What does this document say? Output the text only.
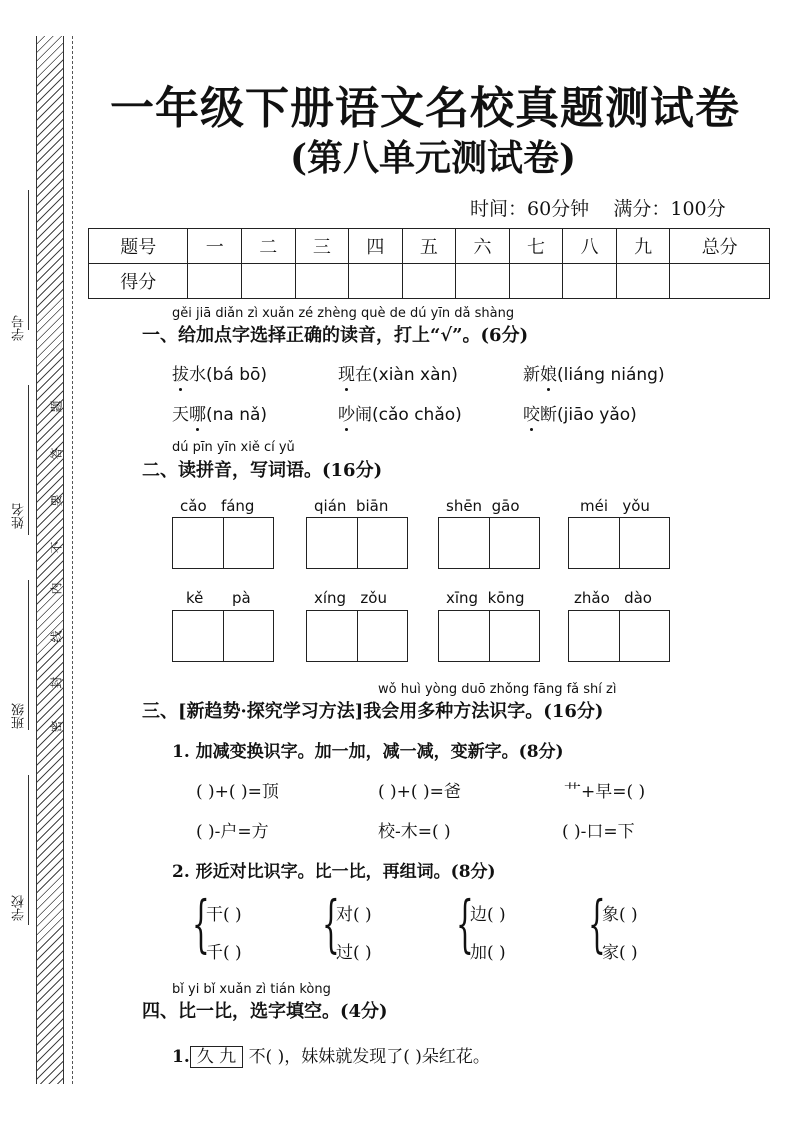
学号
姓名
班级
学校
题
答
要
不
内
线
封
密
一年级下册语文名校真题测试卷
(第八单元测试卷)
时间：60分钟 满分：100分
题号	一	二	三	四	五	六	七	八	九	总分
得分										
gěi jiā diǎn zì xuǎn zé zhèng què de dú yīn dǎ shàng
一、给加点字选择正确的读音，打上“√”。(6分)
拔水(bá bō)	现在(xiàn xàn)	新娘(liáng niáng)
天哪(na nǎ)	吵闹(cǎo chǎo)	咬断(jiāo yǎo)
dú pīn yīn xiě cí yǔ
二、读拼音，写词语。(16分)
cǎo fáng	qián biān	shēn gāo	méi yǒu
kě pà	xíng zǒu	xīng kōng	zhǎo dào
wǒ huì yòng duō zhǒng fāng fǎ shí zì
三、[新趋势·探究学习方法]我会用多种方法识字。(16分)
1. 加减变换识字。加一加，减一减，变新字。(8分)
( )+( )=顶	( )+( )=爸	艹+早=( )
( )-户=方	校-木=( )	( )-口=下
2. 形近对比识字。比一比，再组词。(8分)
{
干( )
千( ) {
对( )
过( ) {
边( )
加( ) {
象( )
家( )
bǐ yi bǐ xuǎn zì tián kòng
四、比一比，选字填空。(4分)
1. 久 九 不( )，妹妹就发现了( )朵红花。
